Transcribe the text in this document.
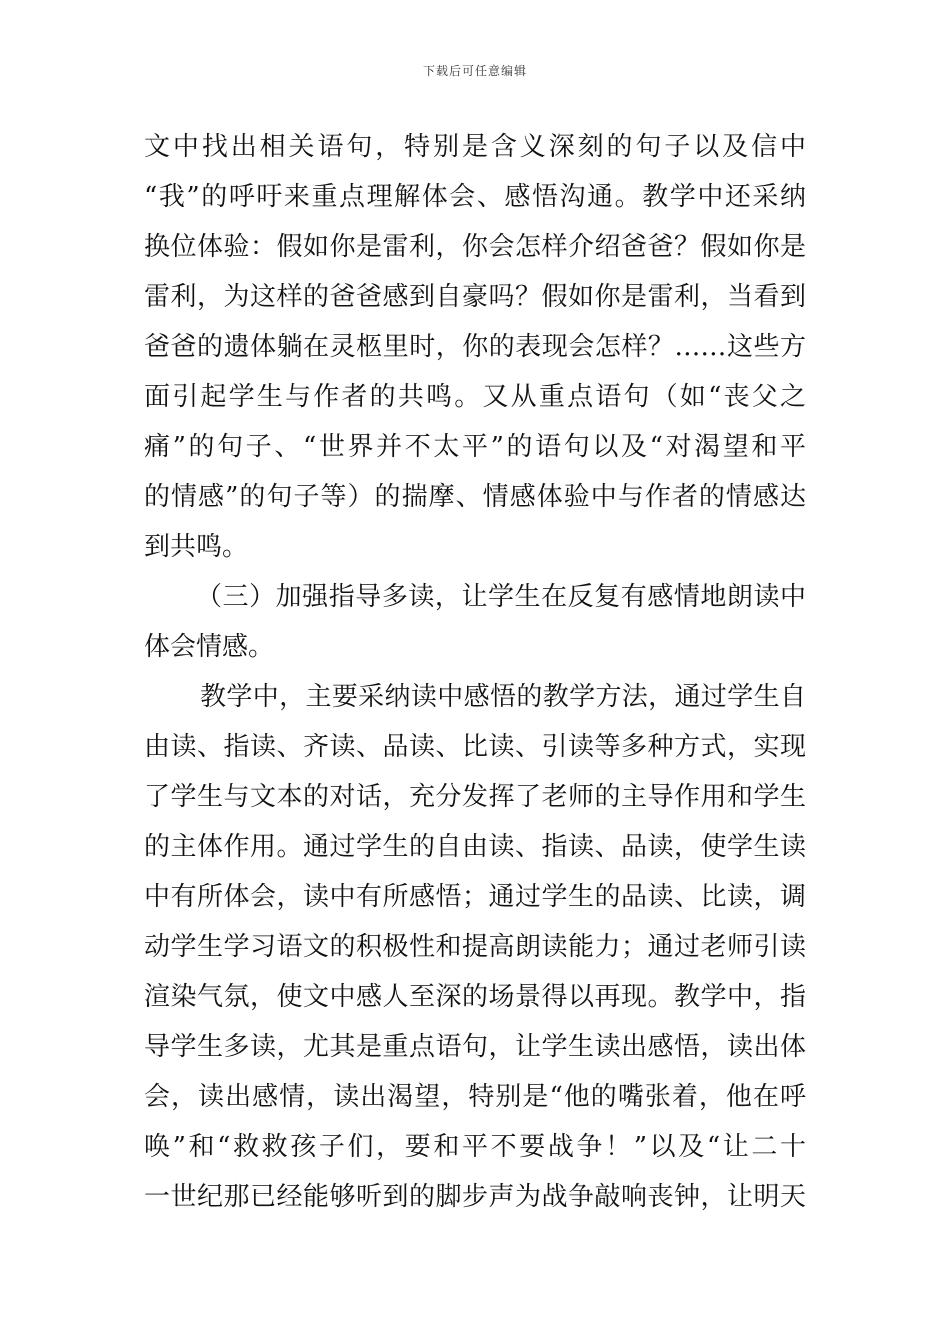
下载后可任意编辑
文中找出相关语句，特别是含义深刻的句子以及信中
“我”的呼吁来重点理解体会、感悟沟通。教学中还采纳
换位体验：假如你是雷利，你会怎样介绍爸爸？假如你是
雷利，为这样的爸爸感到自豪吗？假如你是雷利，当看到
爸爸的遗体躺在灵柩里时，你的表现会怎样？……这些方
面引起学生与作者的共鸣。又从重点语句（如“丧父之
痛”的句子、“世界并不太平”的语句以及“对渴望和平
的情感”的句子等）的揣摩、情感体验中与作者的情感达
到共鸣。
（三）加强指导多读，让学生在反复有感情地朗读中
体会情感。
教学中，主要采纳读中感悟的教学方法，通过学生自
由读、指读、齐读、品读、比读、引读等多种方式，实现
了学生与文本的对话，充分发挥了老师的主导作用和学生
的主体作用。通过学生的自由读、指读、品读，使学生读
中有所体会，读中有所感悟；通过学生的品读、比读，调
动学生学习语文的积极性和提高朗读能力；通过老师引读
渲染气氛，使文中感人至深的场景得以再现。教学中，指
导学生多读，尤其是重点语句，让学生读出感悟，读出体
会，读出感情，读出渴望，特别是“他的嘴张着，他在呼
唤”和“救救孩子们，要和平不要战争！”以及“让二十
一世纪那已经能够听到的脚步声为战争敲响丧钟，让明天
